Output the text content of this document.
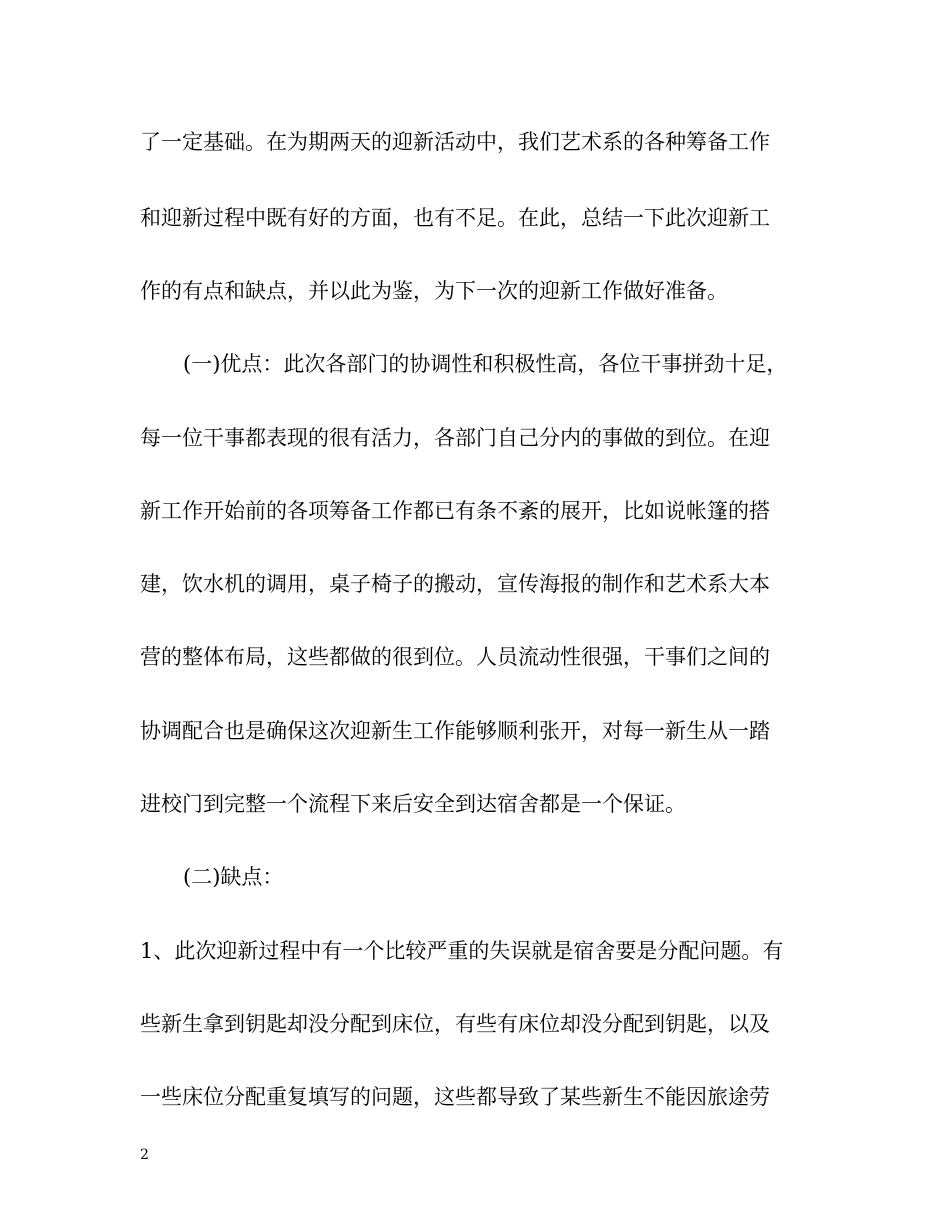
了一定基础。在为期两天的迎新活动中，我们艺术系的各种筹备工作
和迎新过程中既有好的方面，也有不足。在此，总结一下此次迎新工
作的有点和缺点，并以此为鉴，为下一次的迎新工作做好准备。
(一)优点：此次各部门的协调性和积极性高，各位干事拼劲十足，
每一位干事都表现的很有活力，各部门自己分内的事做的到位。在迎
新工作开始前的各项筹备工作都已有条不紊的展开，比如说帐篷的搭
建，饮水机的调用，桌子椅子的搬动，宣传海报的制作和艺术系大本
营的整体布局，这些都做的很到位。人员流动性很强，干事们之间的
协调配合也是确保这次迎新生工作能够顺利张开，对每一新生从一踏
进校门到完整一个流程下来后安全到达宿舍都是一个保证。
(二)缺点：
1、此次迎新过程中有一个比较严重的失误就是宿舍要是分配问题。有
些新生拿到钥匙却没分配到床位，有些有床位却没分配到钥匙，以及
一些床位分配重复填写的问题，这些都导致了某些新生不能因旅途劳
2
